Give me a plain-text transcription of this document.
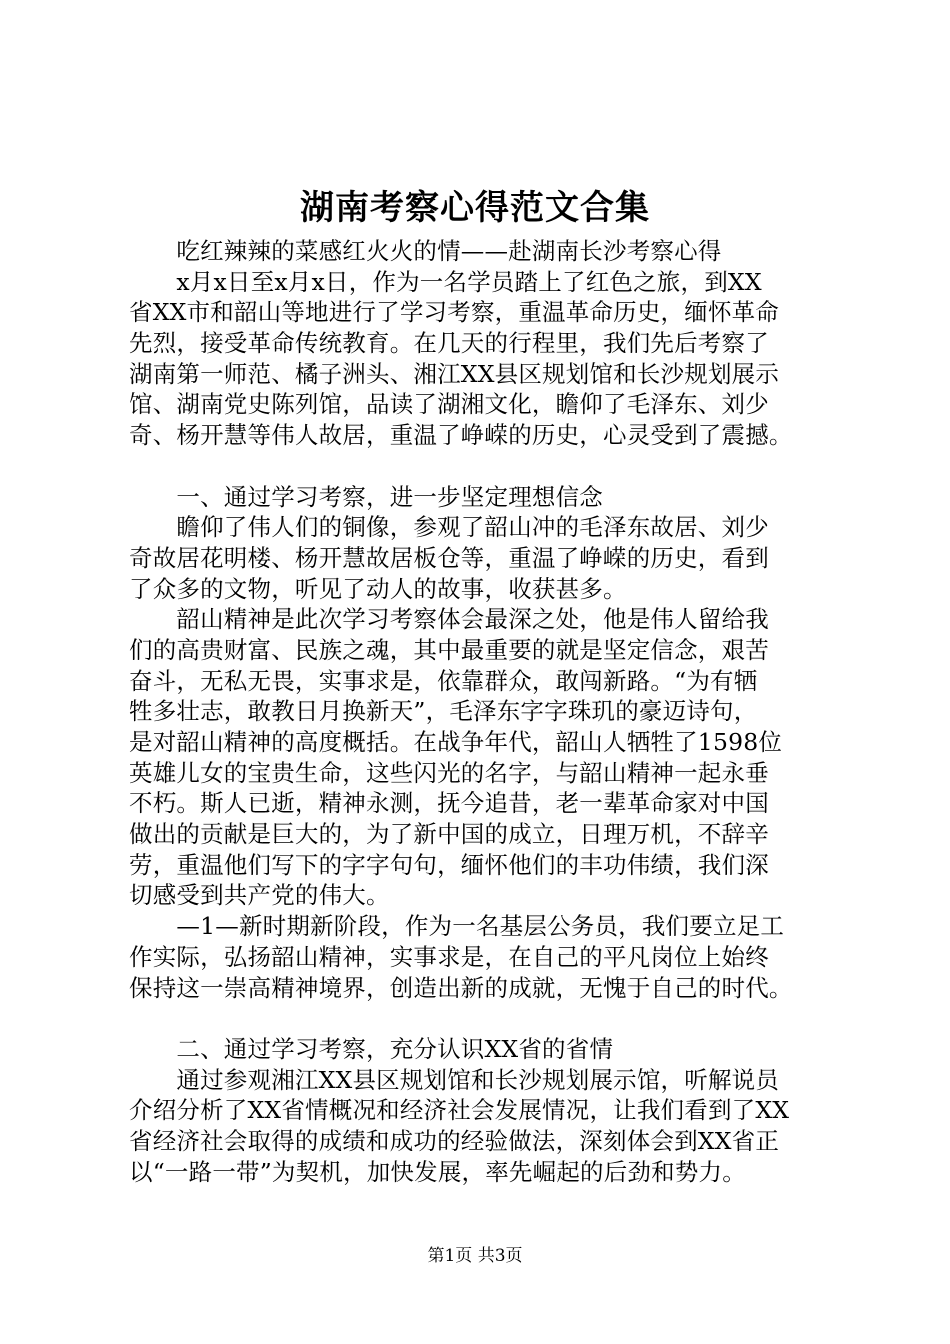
湖南考察心得范文合集
　　吃红辣辣的菜感红火火的情——赴湖南长沙考察心得
　　x月x日至x月x日，作为一名学员踏上了红色之旅，到XX
省XX市和韶山等地进行了学习考察，重温革命历史，缅怀革命
先烈，接受革命传统教育。在几天的行程里，我们先后考察了
湖南第一师范、橘子洲头、湘江XX县区规划馆和长沙规划展示
馆、湖南党史陈列馆，品读了湖湘文化，瞻仰了毛泽东、刘少
奇、杨开慧等伟人故居，重温了峥嵘的历史，心灵受到了震撼。
　　一、通过学习考察，进一步坚定理想信念
　　瞻仰了伟人们的铜像，参观了韶山冲的毛泽东故居、刘少
奇故居花明楼、杨开慧故居板仓等，重温了峥嵘的历史，看到
了众多的文物，听见了动人的故事，收获甚多。
　　韶山精神是此次学习考察体会最深之处，他是伟人留给我
们的高贵财富、民族之魂，其中最重要的就是坚定信念，艰苦
奋斗，无私无畏，实事求是，依靠群众，敢闯新路。“为有牺
牲多壮志，敢教日月换新天”，毛泽东字字珠玑的豪迈诗句，
是对韶山精神的高度概括。在战争年代，韶山人牺牲了1598位
英雄儿女的宝贵生命，这些闪光的名字，与韶山精神一起永垂
不朽。斯人已逝，精神永测，抚今追昔，老一辈革命家对中国
做出的贡献是巨大的，为了新中国的成立，日理万机，不辞辛
劳，重温他们写下的字字句句，缅怀他们的丰功伟绩，我们深
切感受到共产党的伟大。
　　—1—新时期新阶段，作为一名基层公务员，我们要立足工
作实际，弘扬韶山精神，实事求是，在自己的平凡岗位上始终
保持这一崇高精神境界，创造出新的成就，无愧于自己的时代。
　　二、通过学习考察，充分认识XX省的省情
　　通过参观湘江XX县区规划馆和长沙规划展示馆，听解说员
介绍分析了XX省情概况和经济社会发展情况，让我们看到了XX
省经济社会取得的成绩和成功的经验做法，深刻体会到XX省正
以“一路一带”为契机，加快发展，率先崛起的后劲和势力。
第1页 共3页
